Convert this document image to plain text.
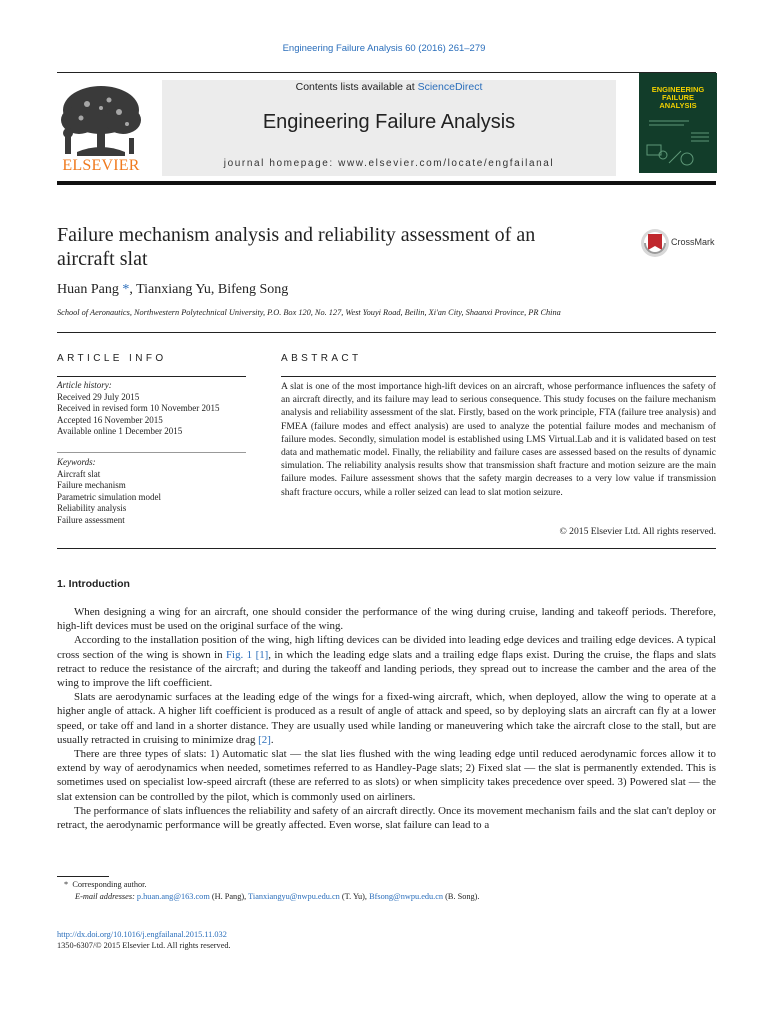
Engineering Failure Analysis 60 (2016) 261–279
ELSEVIER
Contents lists available at ScienceDirect
Engineering Failure Analysis
journal homepage: www.elsevier.com/locate/engfailanal
ENGINEERING
FAILURE
ANALYSIS
Failure mechanism analysis and reliability assessment of an
aircraft slat
CrossMark
Huan Pang *, Tianxiang Yu, Bifeng Song
School of Aeronautics, Northwestern Polytechnical University, P.O. Box 120, No. 127, West Youyi Road, Beilin, Xi'an City, Shaanxi Province, PR China
ARTICLE INFO
Article history:
Received 29 July 2015
Received in revised form 10 November 2015
Accepted 16 November 2015
Available online 1 December 2015
Keywords:
Aircraft slat
Failure mechanism
Parametric simulation model
Reliability analysis
Failure assessment
ABSTRACT
A slat is one of the most importance high-lift devices on an aircraft, whose performance influences the safety of an aircraft directly, and its failure may lead to serious consequence. This study focuses on the failure mechanism analysis and reliability assessment of the slat. Firstly, based on the work principle, FTA (failure tree analysis) and FMEA (failure modes and effect analysis) are used to analyze the potential failure modes and mechanism of failure modes. Secondly, simulation model is established using LMS Virtual.Lab and it is validated based on test data and mathematic model. Finally, the reliability and failure cases are assessed based on the results of dynamic simulation. The reliability analysis results show that transmission shaft fracture and motion seizure are the main failure modes. Failure assessment shows that the safety margin decreases to a very low value if transmission shaft fracture occurs, while a roller seized can lead to slat motion seizure.
© 2015 Elsevier Ltd. All rights reserved.
1. Introduction

When designing a wing for an aircraft, one should consider the performance of the wing during cruise, landing and takeoff periods. Therefore, high-lift devices must be used on the original surface of the wing.

According to the installation position of the wing, high lifting devices can be divided into leading edge devices and trailing edge devices. A typical cross section of the wing is shown in Fig. 1 [1], in which the leading edge slats and a trailing edge flaps exist. During the cruise, the flaps and slats retract to reduce the resistance of the aircraft; and during the takeoff and landing periods, they spread out to increase the camber and the area of the wing to improve the lift coefficient.

Slats are aerodynamic surfaces at the leading edge of the wings for a fixed-wing aircraft, which, when deployed, allow the wing to operate at a higher angle of attack. A higher lift coefficient is produced as a result of angle of attack and speed, so by deploying slats an aircraft can fly at a lower speed, or take off and land in a shorter distance. They are usually used while landing or maneuvering which take the aircraft close to the stall, but are usually retracted in cruising to minimize drag [2].

There are three types of slats: 1) Automatic slat — the slat lies flushed with the wing leading edge until reduced aerodynamic forces allow it to extend by way of aerodynamics when needed, sometimes referred to as Handley-Page slats; 2) Fixed slat — the slat is permanently extended. This is sometimes used on specialist low-speed aircraft (these are referred to as slots) or when simplicity takes precedence over speed. 3) Powered slat — the slat extension can be controlled by the pilot, which is commonly used on airliners.

The performance of slats influences the reliability and safety of an aircraft directly. Once its movement mechanism fails and the slat can't deploy or retract, the aerodynamic performance will be greatly affected. Even worse, slat failure can lead to a

* Corresponding author.
E-mail addresses: p.huan.ang@163.com (H. Pang), Tianxiangyu@nwpu.edu.cn (T. Yu), Bfsong@nwpu.edu.cn (B. Song).
http://dx.doi.org/10.1016/j.engfailanal.2015.11.032
1350-6307/© 2015 Elsevier Ltd. All rights reserved.
